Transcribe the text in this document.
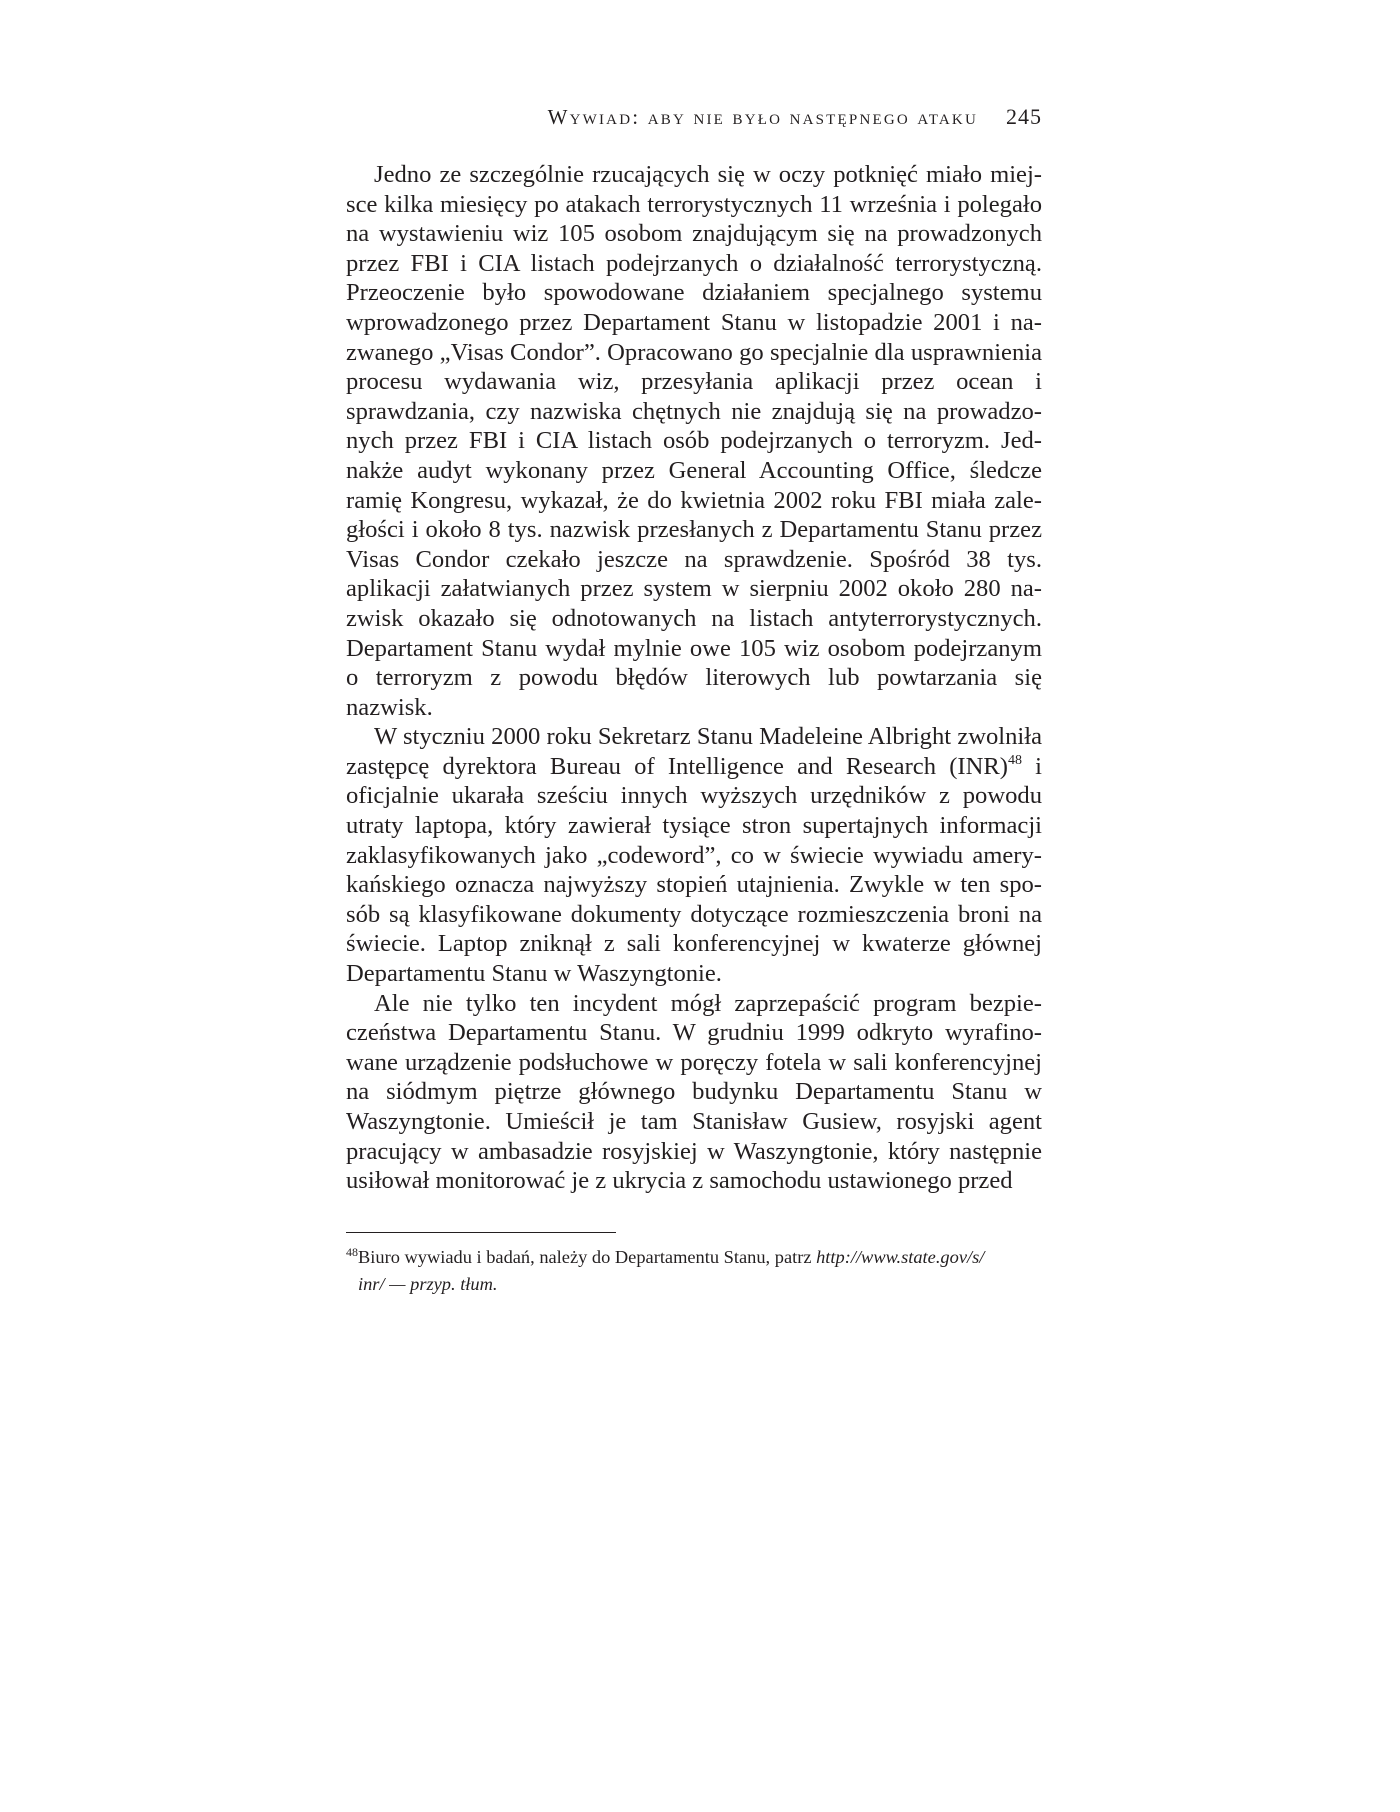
Wywiad: aby nie było następnego ataku 245

Jedno ze szczególnie rzucających się w oczy potknięć miało miejsce kilka miesięcy po atakach terrorystycznych 11 września i polegało na wystawieniu wiz 105 osobom znajdującym się na prowadzonych przez FBI i CIA listach podejrzanych o działalność terrorystyczną. Przeoczenie było spowodowane działaniem specjalnego systemu wprowadzonego przez Departament Stanu w listopadzie 2001 i nazwanego „Visas Condor”. Opracowano go specjalnie dla usprawnienia procesu wydawania wiz, przesyłania aplikacji przez ocean i sprawdzania, czy nazwiska chętnych nie znajdują się na prowadzonych przez FBI i CIA listach osób podejrzanych o terroryzm. Jednakże audyt wykonany przez General Accounting Office, śledcze ramię Kongresu, wykazał, że do kwietnia 2002 roku FBI miała zaległości i około 8 tys. nazwisk przesłanych z Departamentu Stanu przez Visas Condor czekało jeszcze na sprawdzenie. Spośród 38 tys. aplikacji załatwianych przez system w sierpniu 2002 około 280 nazwisk okazało się odnotowanych na listach antyterrorystycznych. Departament Stanu wydał mylnie owe 105 wiz osobom podejrzanym o terroryzm z powodu błędów literowych lub powtarzania się nazwisk.

W styczniu 2000 roku Sekretarz Stanu Madeleine Albright zwolniła zastępcę dyrektora Bureau of Intelligence and Research (INR)$^{48}$ i oficjalnie ukarała sześciu innych wyższych urzędników z powodu utraty laptopa, który zawierał tysiące stron supertajnych informacji zaklasyfikowanych jako „codeword”, co w świecie wywiadu amerykańskiego oznacza najwyższy stopień utajnienia. Zwykle w ten sposób są klasyfikowane dokumenty dotyczące rozmieszczenia broni na świecie. Laptop zniknął z sali konferencyjnej w kwaterze głównej Departamentu Stanu w Waszyngtonie.

Ale nie tylko ten incydent mógł zaprzepaścić program bezpieczeństwa Departamentu Stanu. W grudniu 1999 odkryto wyrafinowane urządzenie podsłuchowe w poręczy fotela w sali konferencyjnej na siódmym piętrze głównego budynku Departamentu Stanu w Waszyngtonie. Umieścił je tam Stanisław Gusiew, rosyjski agent pracujący w ambasadzie rosyjskiej w Waszyngtonie, który następnie usiłował monitorować je z ukrycia z samochodu ustawionego przed

$^{48}$Biuro wywiadu i badań, należy do Departamentu Stanu, patrz http://www.state.gov/s/
inr/ — przyp. tłum.
